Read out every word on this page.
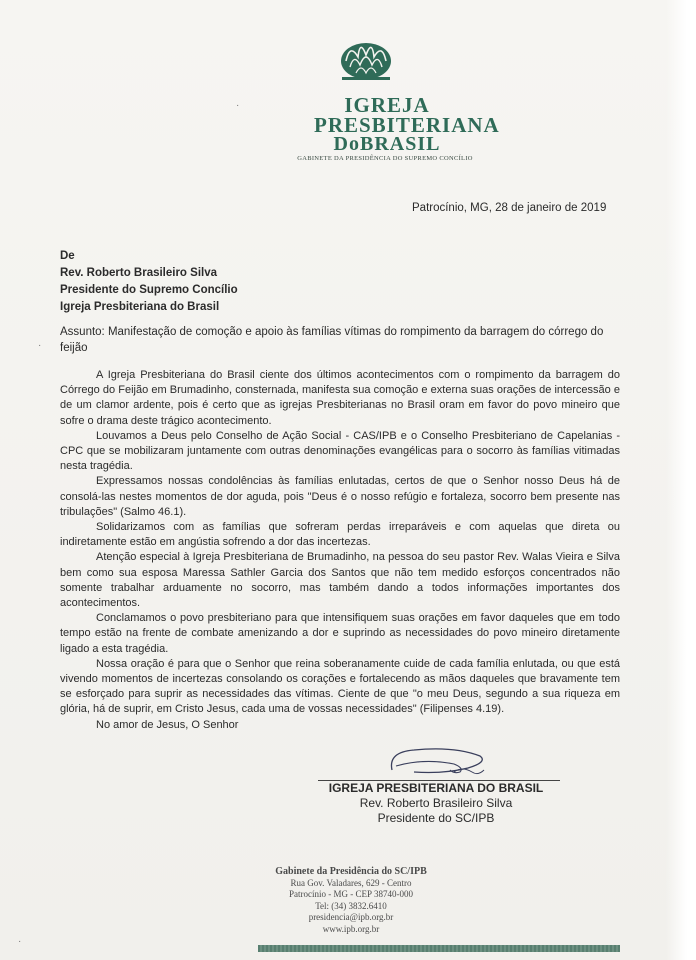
IGREJA
PRESBITERIANA
DoBRASIL
GABINETE DA PRESIDÊNCIA DO SUPREMO CONCÍLIO
Patrocínio, MG, 28 de janeiro de 2019
De
Rev. Roberto Brasileiro Silva
Presidente do Supremo Concílio
Igreja Presbiteriana do Brasil
Assunto: Manifestação de comoção e apoio às famílias vítimas do rompimento da barragem do córrego do feijão

A Igreja Presbiteriana do Brasil ciente dos últimos acontecimentos com o rompimento da barragem do Córrego do Feijão em Brumadinho, consternada, manifesta sua comoção e externa suas orações de intercessão e de um clamor ardente, pois é certo que as igrejas Presbiterianas no Brasil oram em favor do povo mineiro que sofre o drama deste trágico acontecimento.

Louvamos a Deus pelo Conselho de Ação Social - CAS/IPB e o Conselho Presbiteriano de Capelanias - CPC que se mobilizaram juntamente com outras denominações evangélicas para o socorro às famílias vitimadas nesta tragédia.

Expressamos nossas condolências às famílias enlutadas, certos de que o Senhor nosso Deus há de consolá-las nestes momentos de dor aguda, pois "Deus é o nosso refúgio e fortaleza, socorro bem presente nas tribulações" (Salmo 46.1).

Solidarizamos com as famílias que sofreram perdas irreparáveis e com aquelas que direta ou indiretamente estão em angústia sofrendo a dor das incertezas.

Atenção especial à Igreja Presbiteriana de Brumadinho, na pessoa do seu pastor Rev. Walas Vieira e Silva bem como sua esposa Maressa Sathler Garcia dos Santos que não tem medido esforços concentrados não somente trabalhar arduamente no socorro, mas também dando a todos informações importantes dos acontecimentos.

Conclamamos o povo presbiteriano para que intensifiquem suas orações em favor daqueles que em todo tempo estão na frente de combate amenizando a dor e suprindo as necessidades do povo mineiro diretamente ligado a esta tragédia.

Nossa oração é para que o Senhor que reina soberanamente cuide de cada família enlutada, ou que está vivendo momentos de incertezas consolando os corações e fortalecendo as mãos daqueles que bravamente tem se esforçado para suprir as necessidades das vítimas. Ciente de que "o meu Deus, segundo a sua riqueza em glória, há de suprir, em Cristo Jesus, cada uma de vossas necessidades" (Filipenses 4.19).

No amor de Jesus, O Senhor

IGREJA PRESBITERIANA DO BRASIL
Rev. Roberto Brasileiro Silva
Presidente do SC/IPB
Gabinete da Presidência do SC/IPB
Rua Gov. Valadares, 629 - Centro
Patrocínio - MG - CEP 38740-000
Tel: (34) 3832.6410
presidencia@ipb.org.br
www.ipb.org.br
·
·
·
